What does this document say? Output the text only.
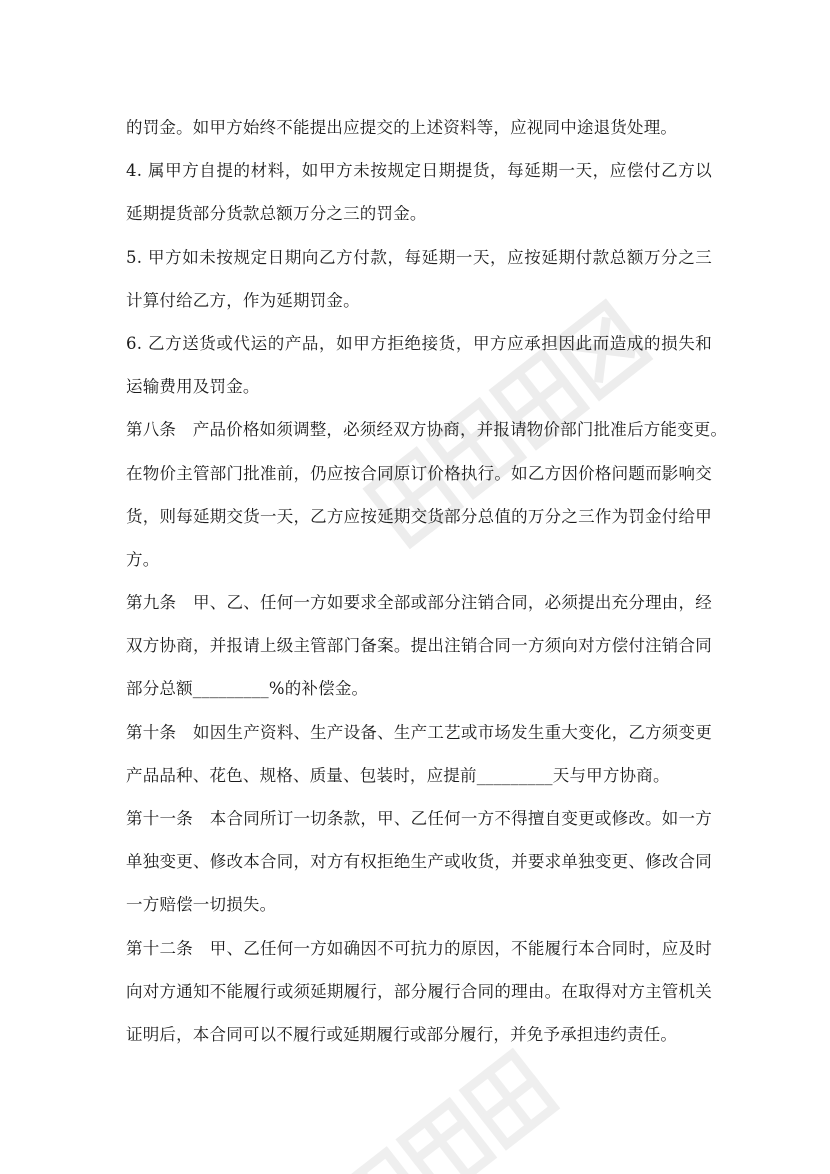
的罚金。如甲方始终不能提出应提交的上述资料等，应视同中途退货处理。
4. 属甲方自提的材料，如甲方未按规定日期提货，每延期一天，应偿付乙方以
延期提货部分货款总额万分之三的罚金。
5. 甲方如未按规定日期向乙方付款，每延期一天，应按延期付款总额万分之三
计算付给乙方，作为延期罚金。
6. 乙方送货或代运的产品，如甲方拒绝接货，甲方应承担因此而造成的损失和
运输费用及罚金。
第八条　产品价格如须调整，必须经双方协商，并报请物价部门批准后方能变更。
在物价主管部门批准前，仍应按合同原订价格执行。如乙方因价格问题而影响交
货，则每延期交货一天，乙方应按延期交货部分总值的万分之三作为罚金付给甲
方。
第九条　甲、乙、任何一方如要求全部或部分注销合同，必须提出充分理由，经
双方协商，并报请上级主管部门备案。提出注销合同一方须向对方偿付注销合同
部分总额_________%的补偿金。
第十条　如因生产资料、生产设备、生产工艺或市场发生重大变化，乙方须变更
产品品种、花色、规格、质量、包装时，应提前_________天与甲方协商。
第十一条　本合同所订一切条款，甲、乙任何一方不得擅自变更或修改。如一方
单独变更、修改本合同，对方有权拒绝生产或收货，并要求单独变更、修改合同
一方赔偿一切损失。
第十二条　甲、乙任何一方如确因不可抗力的原因，不能履行本合同时，应及时
向对方通知不能履行或须延期履行，部分履行合同的理由。在取得对方主管机关
证明后，本合同可以不履行或延期履行或部分履行，并免予承担违约责任。
